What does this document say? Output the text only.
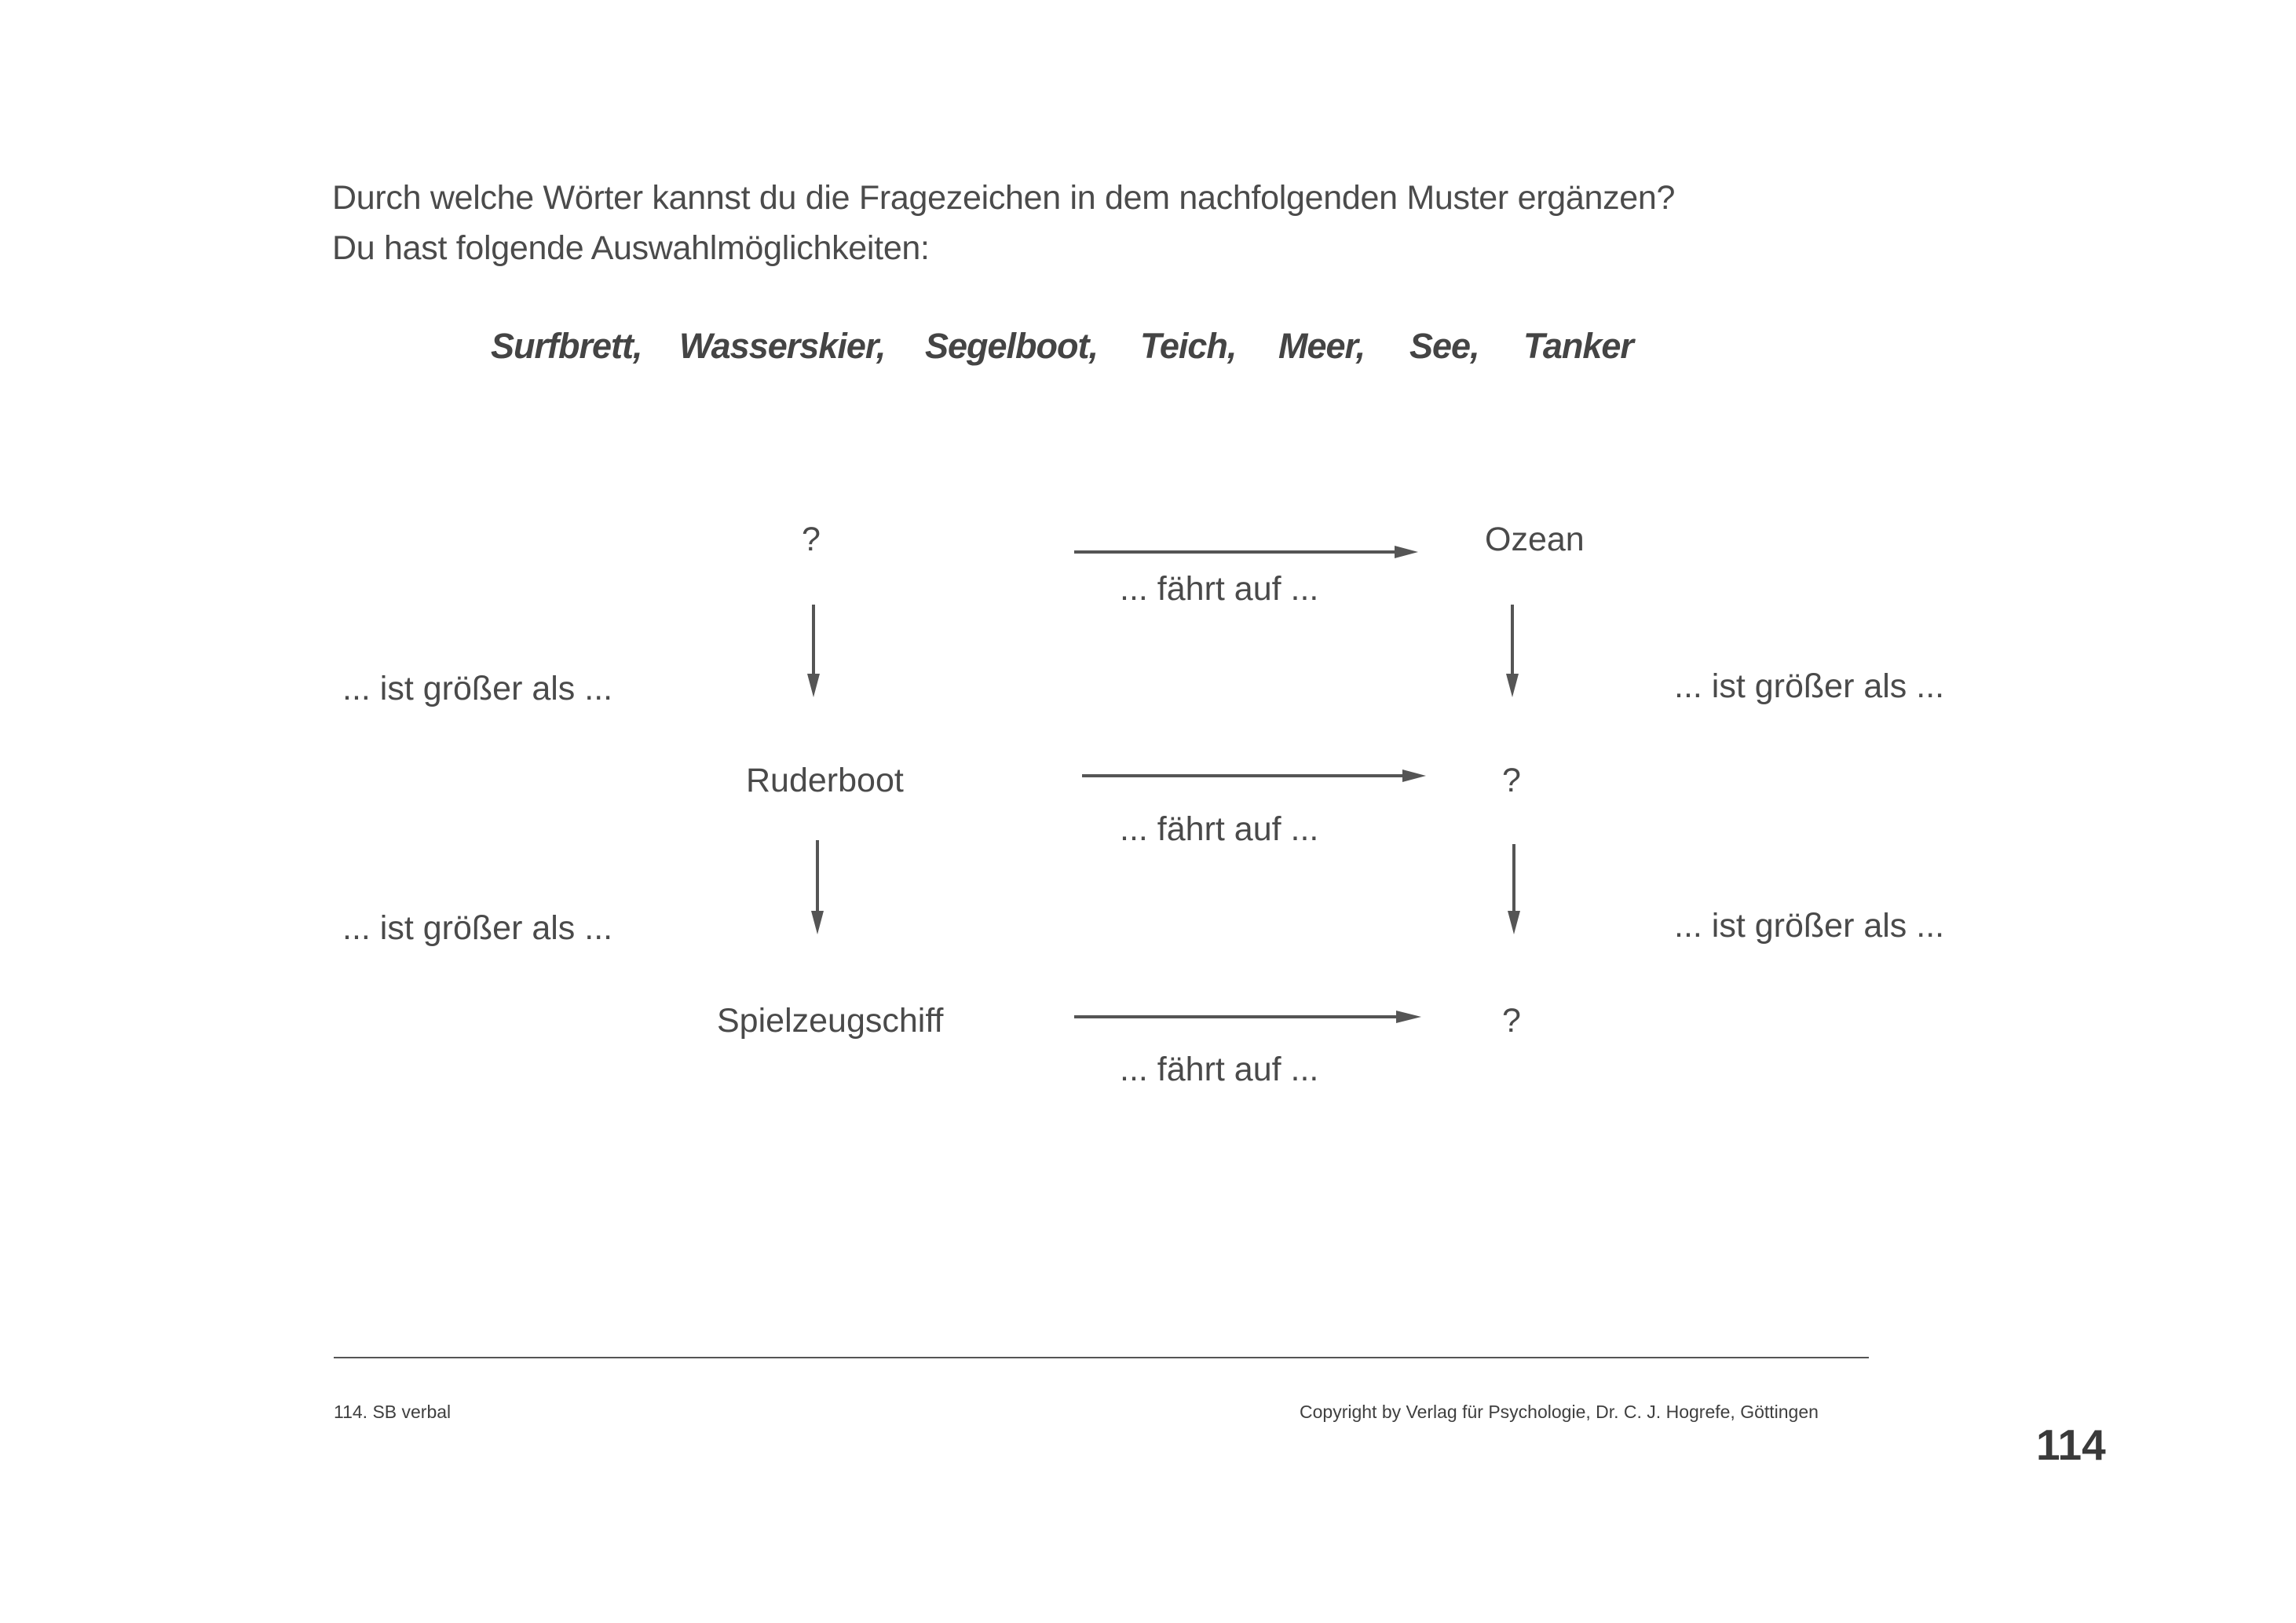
Durch welche Wörter kannst du die Fragezeichen in dem nachfolgenden Muster ergänzen?
Du hast folgende Auswahlmöglichkeiten:
Surfbrett, Wasserskier, Segelboot, Teich, Meer, See, Tanker
?
Ruderboot
Spielzeugschiff
Ozean
?
?
... fährt auf ...
... fährt auf ...
... fährt auf ...
... ist größer als ...
... ist größer als ...
... ist größer als ...
... ist größer als ...
114. SB verbal	Copyright by Verlag für Psychologie, Dr. C. J. Hogrefe, Göttingen
114
